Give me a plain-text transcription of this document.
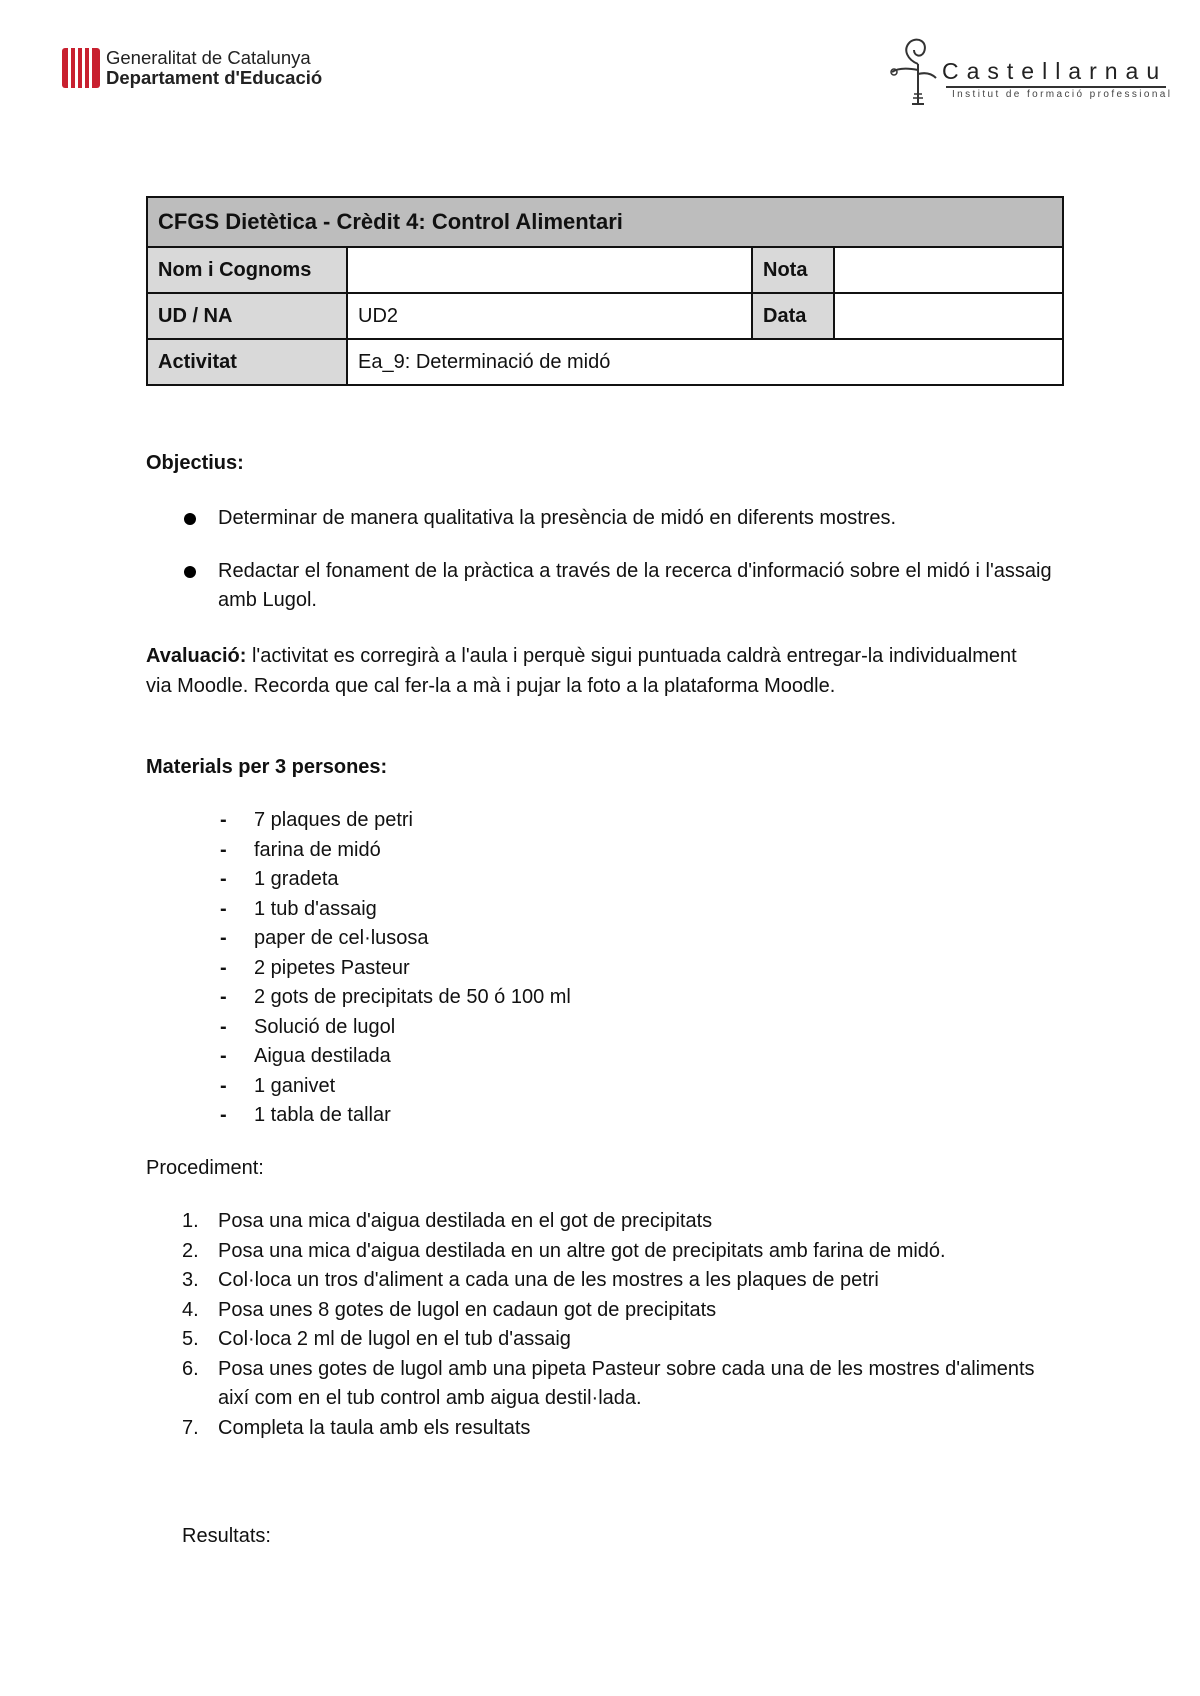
Generalitat de Catalunya
Departament d'Educació	Castellarnau
Institut de formació professional
CFGS Dietètica - Crèdit 4: Control Alimentari			
Nom i Cognoms		Nota	
UD / NA	UD2	Data	
Activitat	Ea_9: Determinació de midó		
Objectius:
Determinar de manera qualitativa la presència de midó en diferents mostres.
Redactar el fonament de la pràctica a través de la recerca d'informació sobre el midó i l'assaig amb Lugol.
Avaluació: l'activitat es corregirà a l'aula i perquè sigui puntuada caldrà entregar-la individualment via Moodle. Recorda que cal fer-la a mà i pujar la foto a la plataforma Moodle.
Materials per 3 persones:
- 7 plaques de petri
- farina de midó
- 1 gradeta
- 1 tub d'assaig
- paper de cel·lusosa
- 2 pipetes Pasteur
- 2 gots de precipitats de 50 ó 100 ml
- Solució de lugol
- Aigua destilada
- 1 ganivet
- 1 tabla de tallar
Procediment:
1. Posa una mica d'aigua destilada en el got de precipitats
2. Posa una mica d'aigua destilada en un altre got de precipitats amb farina de midó.
3. Col·loca un tros d'aliment a cada una de les mostres a les plaques de petri
4. Posa unes 8 gotes de lugol en cadaun got de precipitats
5. Col·loca 2 ml de lugol en el tub d'assaig
6. Posa unes gotes de lugol amb una pipeta Pasteur sobre cada una de les mostres d'aliments així com en el tub control amb aigua destil·lada.
7. Completa la taula amb els resultats
Resultats:
